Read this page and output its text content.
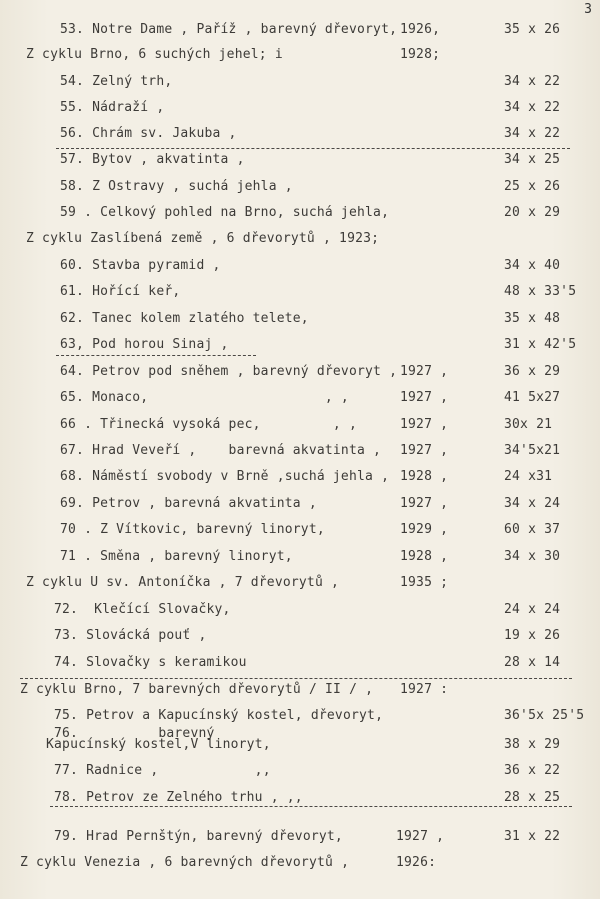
3
53. Notre Dame , Paříž , barevný dřevoryt, 1926,	35 x 26
Z cyklu Brno, 6 suchých jehel; i	1928;
54. Zelný trh,	34 x 22
55. Nádraží ,	34 x 22
56. Chrám sv. Jakuba ,	34 x 22
57. Bytov , akvatinta ,	34 x 25
58. Z Ostravy , suchá jehla ,	25 x 26
59 . Celkový pohled na Brno, suchá jehla,	20 x 29
Z cyklu Zaslíbená země , 6 dřevorytů , 1923;
60. Stavba pyramid ,	34 x 40
61. Hořící keř,	48 x 33'5
62. Tanec kolem zlatého telete,	35 x 48
63, Pod horou Sinaj ,	31 x 42'5
64. Petrov pod sněhem , barevný dřevoryt , 1927 ,	36 x 29
65. Monaco,                      , ,	1927 ,	41 5x27
66 . Třinecká vysoká pec,         , ,	1927 ,	30x 21
67. Hrad Veveří ,    barevná akvatinta , 1927 ,	34'5x21
68. Náměstí svobody v Brně ,suchá jehla , 1928 ,	24 x31
69. Petrov , barevná akvatinta ,	1927 ,	34 x 24
70 . Z Vítkovic, barevný linoryt,	1929 ,	60 x 37
71 . Směna , barevný linoryt,	1928 ,	34 x 30
Z cyklu U sv. Antoníčka , 7 dřevorytů ,	1935 ;
72.  Klečící Slovačky,	24 x 24
73. Slovácká pouť ,	19 x 26
74. Slovačky s keramikou	28 x 14
Z cyklu Brno, 7 barevných dřevorytů / II / , 1927 :
75. Petrov a Kapucínský kostel, dřevoryt,	36'5x 25'5
76.          barevný
Kapucínský kostel,V linoryt,	38 x 29
77. Radnice ,            ,,	36 x 22
78. Petrov ze Zelného trhu , ,,	28 x 25
79. Hrad Pernštýn, barevný dřevoryt,	1927 ,	31 x 22
Z cyklu Venezia , 6 barevných dřevorytů ,	1926:
